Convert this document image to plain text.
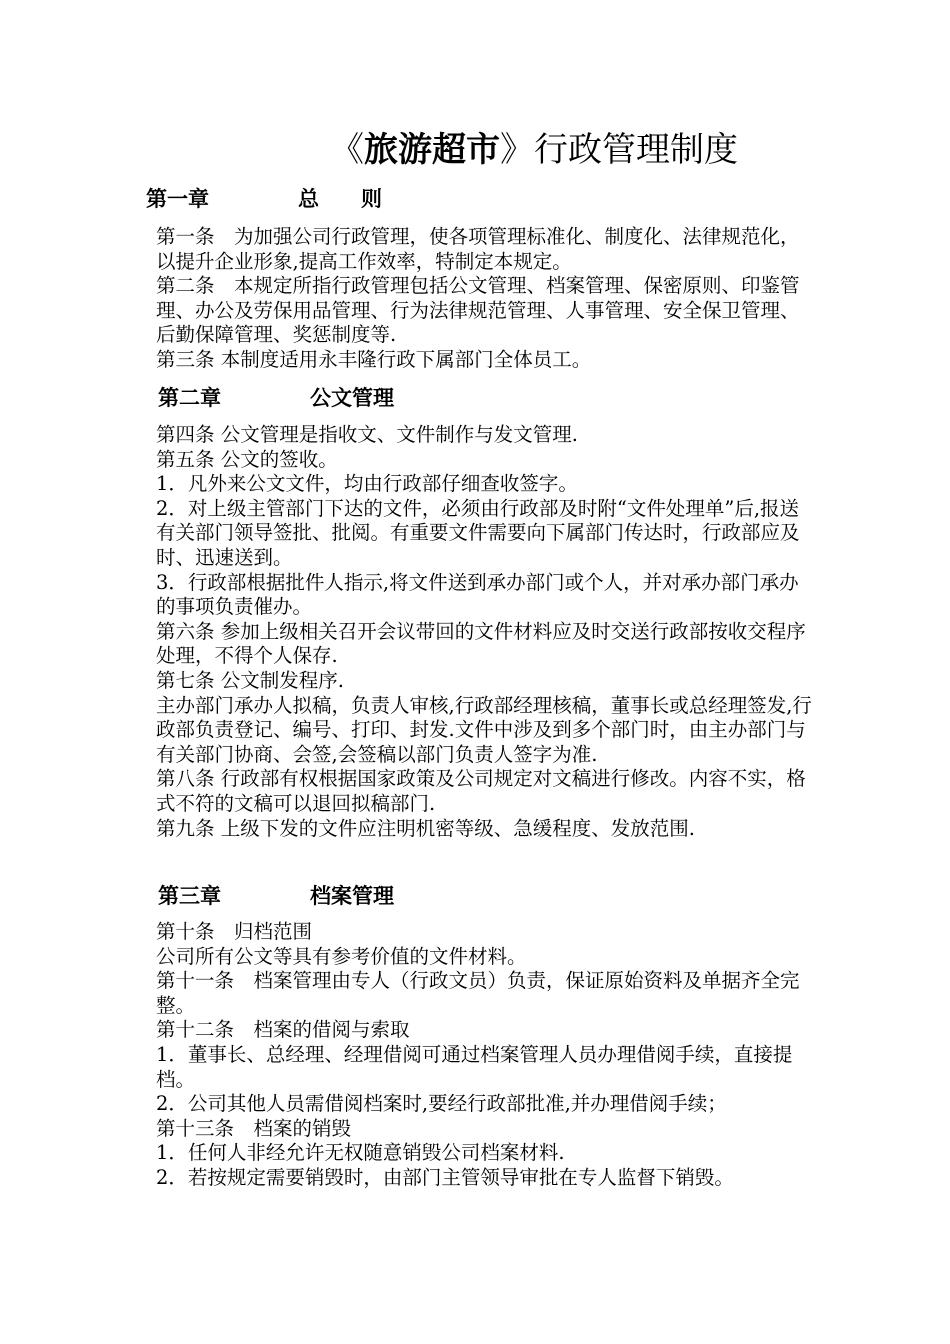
《旅游超市》行政管理制度
第一章	总　　则

第一条　为加强公司行政管理，使各项管理标准化、制度化、法律规范化，以提升企业形象,提高工作效率，特制定本规定。

第二条　本规定所指行政管理包括公文管理、档案管理、保密原则、印鉴管理、办公及劳保用品管理、行为法律规范管理、人事管理、安全保卫管理、后勤保障管理、奖惩制度等.

第三条 本制度适用永丰隆行政下属部门全体员工。

第二章	公文管理

第四条 公文管理是指收文、文件制作与发文管理.

第五条 公文的签收。

1．凡外来公文文件，均由行政部仔细查收签字。

2．对上级主管部门下达的文件，必须由行政部及时附“文件处理单”后,报送有关部门领导签批、批阅。有重要文件需要向下属部门传达时，行政部应及时、迅速送到。

3．行政部根据批件人指示,将文件送到承办部门或个人，并对承办部门承办的事项负责催办。

第六条 参加上级相关召开会议带回的文件材料应及时交送行政部按收交程序处理，不得个人保存.

第七条 公文制发程序.

主办部门承办人拟稿，负责人审核,行政部经理核稿，董事长或总经理签发,行政部负责登记、编号、打印、封发.文件中涉及到多个部门时，由主办部门与有关部门协商、会签,会签稿以部门负责人签字为准.

第八条 行政部有权根据国家政策及公司规定对文稿进行修改。内容不实，格式不符的文稿可以退回拟稿部门.

第九条 上级下发的文件应注明机密等级、急缓程度、发放范围.

第三章	档案管理

第十条　归档范围

公司所有公文等具有参考价值的文件材料。

第十一条　档案管理由专人（行政文员）负责，保证原始资料及单据齐全完整。

第十二条　档案的借阅与索取

1．董事长、总经理、经理借阅可通过档案管理人员办理借阅手续，直接提档。

2．公司其他人员需借阅档案时,要经行政部批准,并办理借阅手续；

第十三条　档案的销毁

1．任何人非经允许无权随意销毁公司档案材料.

2．若按规定需要销毁时，由部门主管领导审批在专人监督下销毁。
